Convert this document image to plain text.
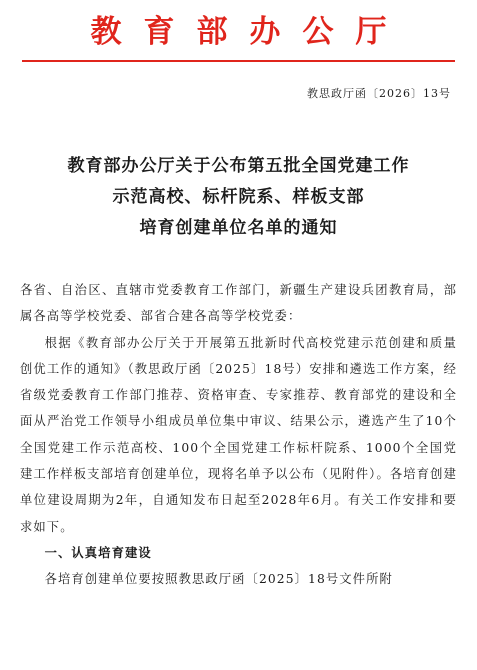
教育部办公厅
教思政厅函〔2026〕13号
教育部办公厅关于公布第五批全国党建工作
示范高校、标杆院系、样板支部
培育创建单位名单的通知

各省、自治区、直辖市党委教育工作部门，新疆生产建设兵团教育局，部属各高等学校党委、部省合建各高等学校党委：

根据《教育部办公厅关于开展第五批新时代高校党建示范创建和质量创优工作的通知》（教思政厅函〔2025〕18号）安排和遴选工作方案，经省级党委教育工作部门推荐、资格审查、专家推荐、教育部党的建设和全面从严治党工作领导小组成员单位集中审议、结果公示，遴选产生了10个全国党建工作示范高校、100个全国党建工作标杆院系、1000个全国党建工作样板支部培育创建单位，现将名单予以公布（见附件）。各培育创建单位建设周期为2年，自通知发布日起至2028年6月。有关工作安排和要求如下。

一、认真培育建设

各培育创建单位要按照教思政厅函〔2025〕18号文件所附
